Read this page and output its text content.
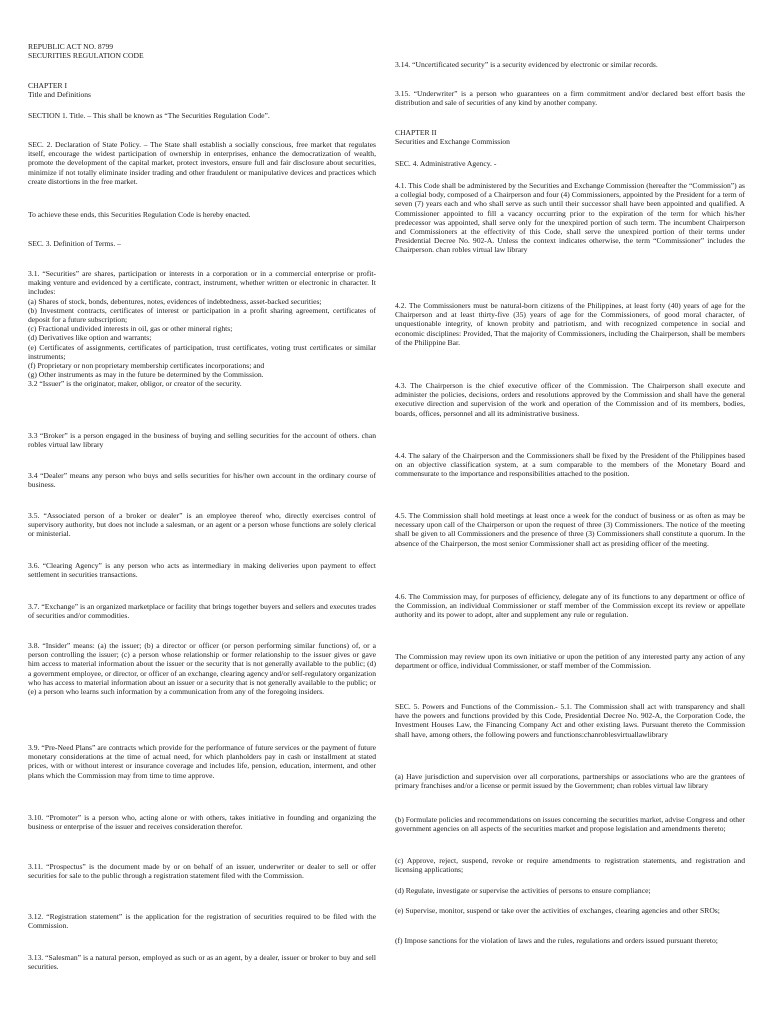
REPUBLIC ACT NO. 8799
SECURITIES REGULATION CODE

CHAPTER I
Title and Definitions

SECTION 1. Title. – This shall be known as “The Securities Regulation Code”.

SEC. 2. Declaration of State Policy. – The State shall establish a socially conscious, free market that regulates itself, encourage the widest participation of ownership in enterprises, enhance the democratization of wealth, promote the development of the capital market, protect investors, ensure full and fair disclosure about securities, minimize if not totally eliminate insider trading and other fraudulent or manipulative devices and practices which create distortions in the free market.

To achieve these ends, this Securities Regulation Code is hereby enacted.

SEC. 3. Definition of Terms. –

3.1. “Securities” are shares, participation or interests in a corporation or in a commercial enterprise or profit-making venture and evidenced by a certificate, contract, instrument, whether written or electronic in character. It includes:
(a) Shares of stock, bonds, debentures, notes, evidences of indebtedness, asset-backed securities;
(b) Investment contracts, certificates of interest or participation in a profit sharing agreement, certificates of deposit for a future subscription;
(c) Fractional undivided interests in oil, gas or other mineral rights;
(d) Derivatives like option and warrants;
(e) Certificates of assignments, certificates of participation, trust certificates, voting trust certificates or similar instruments;
(f) Proprietary or non proprietary membership certificates incorporations; and
(g) Other instruments as may in the future be determined by the Commission.
3.2 “Issuer” is the originator, maker, obligor, or creator of the security.

3.3 “Broker” is a person engaged in the business of buying and selling securities for the account of others. chan robles virtual law library

3.4 “Dealer” means any person who buys and sells securities for his/her own account in the ordinary course of business.

3.5. “Associated person of a broker or dealer” is an employee thereof who, directly exercises control of supervisory authority, but does not include a salesman, or an agent or a person whose functions are solely clerical or ministerial.

3.6. “Clearing Agency” is any person who acts as intermediary in making deliveries upon payment to effect settlement in securities transactions.

3.7. “Exchange” is an organized marketplace or facility that brings together buyers and sellers and executes trades of securities and/or commodities.

3.8. “Insider” means: (a) the issuer; (b) a director or officer (or person performing similar functions) of, or a person controlling the issuer; (c) a person whose relationship or former relationship to the issuer gives or gave him access to material information about the issuer or the security that is not generally available to the public; (d) a government employee, or director, or officer of an exchange, clearing agency and/or self-regulatory organization who has access to material information about an issuer or a security that is not generally available to the public; or (e) a person who learns such information by a communication from any of the foregoing insiders.

3.9. “Pre-Need Plans” are contracts which provide for the performance of future services or the payment of future monetary considerations at the time of actual need, for which planholders pay in cash or installment at stated prices, with or without interest or insurance coverage and includes life, pension, education, interment, and other plans which the Commission may from time to time approve.

3.10. “Promoter” is a person who, acting alone or with others, takes initiative in founding and organizing the business or enterprise of the issuer and receives consideration therefor.

3.11. “Prospectus” is the document made by or on behalf of an issuer, underwriter or dealer to sell or offer securities for sale to the public through a registration statement filed with the Commission.

3.12. “Registration statement” is the application for the registration of securities required to be filed with the Commission.

3.13. “Salesman” is a natural person, employed as such or as an agent, by a dealer, issuer or broker to buy and sell securities.

3.14. “Uncertificated security” is a security evidenced by electronic or similar records.

3.15. “Underwriter” is a person who guarantees on a firm commitment and/or declared best effort basis the distribution and sale of securities of any kind by another company.

CHAPTER II
Securities and Exchange Commission

SEC. 4. Administrative Agency. -

4.1. This Code shall be administered by the Securities and Exchange Commission (hereafter the “Commission”) as a collegial body, composed of a Chairperson and four (4) Commissioners, appointed by the President for a term of seven (7) years each and who shall serve as such until their successor shall have been appointed and qualified. A Commissioner appointed to fill a vacancy occurring prior to the expiration of the term for which his/her predecessor was appointed, shall serve only for the unexpired portion of such term. The incumbent Chairperson and Commissioners at the effectivity of this Code, shall serve the unexpired portion of their terms under Presidential Decree No. 902-A. Unless the context indicates otherwise, the term “Commissioner” includes the Chairperson. chan robles virtual law library

4.2. The Commissioners must be natural-born citizens of the Philippines, at least forty (40) years of age for the Chairperson and at least thirty-five (35) years of age for the Commissioners, of good moral character, of unquestionable integrity, of known probity and patriotism, and with recognized competence in social and economic disciplines: Provided, That the majority of Commissioners, including the Chairperson, shall be members of the Philippine Bar.

4.3. The Chairperson is the chief executive officer of the Commission. The Chairperson shall execute and administer the policies, decisions, orders and resolutions approved by the Commission and shall have the general executive direction and supervision of the work and operation of the Commission and of its members, bodies, boards, offices, personnel and all its administrative business.

4.4. The salary of the Chairperson and the Commissioners shall be fixed by the President of the Philippines based on an objective classification system, at a sum comparable to the members of the Monetary Board and commensurate to the importance and responsibilities attached to the position.

4.5. The Commission shall hold meetings at least once a week for the conduct of business or as often as may be necessary upon call of the Chairperson or upon the request of three (3) Commissioners. The notice of the meeting shall be given to all Commissioners and the presence of three (3) Commissioners shall constitute a quorum. In the absence of the Chairperson, the most senior Commissioner shall act as presiding officer of the meeting.

4.6. The Commission may, for purposes of efficiency, delegate any of its functions to any department or office of the Commission, an individual Commissioner or staff member of the Commission except its review or appellate authority and its power to adopt, alter and supplement any rule or regulation.

The Commission may review upon its own initiative or upon the petition of any interested party any action of any department or office, individual Commissioner, or staff member of the Commission.

SEC. 5. Powers and Functions of the Commission.- 5.1. The Commission shall act with transparency and shall have the powers and functions provided by this Code, Presidential Decree No. 902-A, the Corporation Code, the Investment Houses Law, the Financing Company Act and other existing laws. Pursuant thereto the Commission shall have, among others, the following powers and functions:chanroblesvirtuallawlibrary

(a) Have jurisdiction and supervision over all corporations, partnerships or associations who are the grantees of primary franchises and/or a license or permit issued by the Government; chan robles virtual law library

(b) Formulate policies and recommendations on issues concerning the securities market, advise Congress and other government agencies on all aspects of the securities market and propose legislation and amendments thereto;

(c) Approve, reject, suspend, revoke or require amendments to registration statements, and registration and licensing applications;

(d) Regulate, investigate or supervise the activities of persons to ensure compliance;

(e) Supervise, monitor, suspend or take over the activities of exchanges, clearing agencies and other SROs;

(f) Impose sanctions for the violation of laws and the rules, regulations and orders issued pursuant thereto;
